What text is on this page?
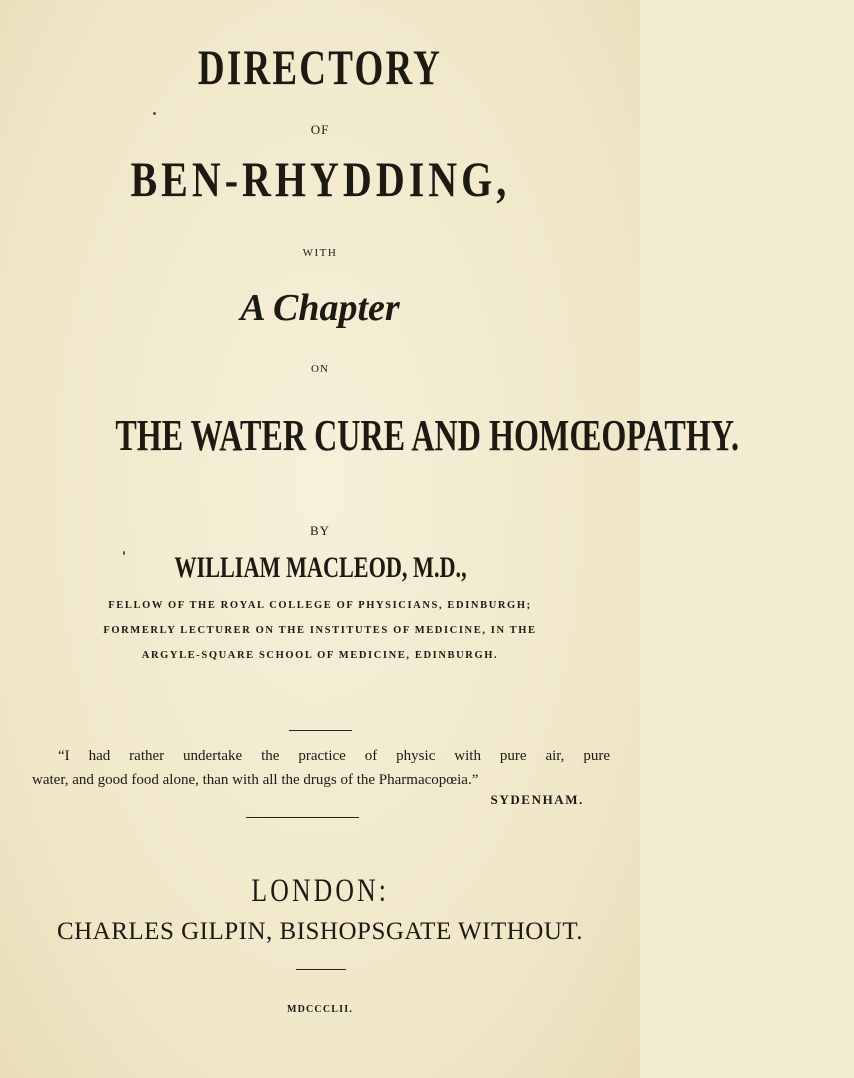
DIRECTORY
OF
BEN-RHYDDING,
WITH
A Chapter
ON
THE WATER CURE AND HOMŒOPATHY.
BY
WILLIAM MACLEOD, M.D.,
FELLOW OF THE ROYAL COLLEGE OF PHYSICIANS, EDINBURGH;
FORMERLY LECTURER ON THE INSTITUTES OF MEDICINE, IN THE
ARGYLE-SQUARE SCHOOL OF MEDICINE, EDINBURGH.
“I had rather undertake the practice of physic with pure air, pure
water, and good food alone, than with all the drugs of the Pharmacopœia.”
SYDENHAM.
LONDON:
CHARLES GILPIN, BISHOPSGATE WITHOUT.
MDCCCLII.
